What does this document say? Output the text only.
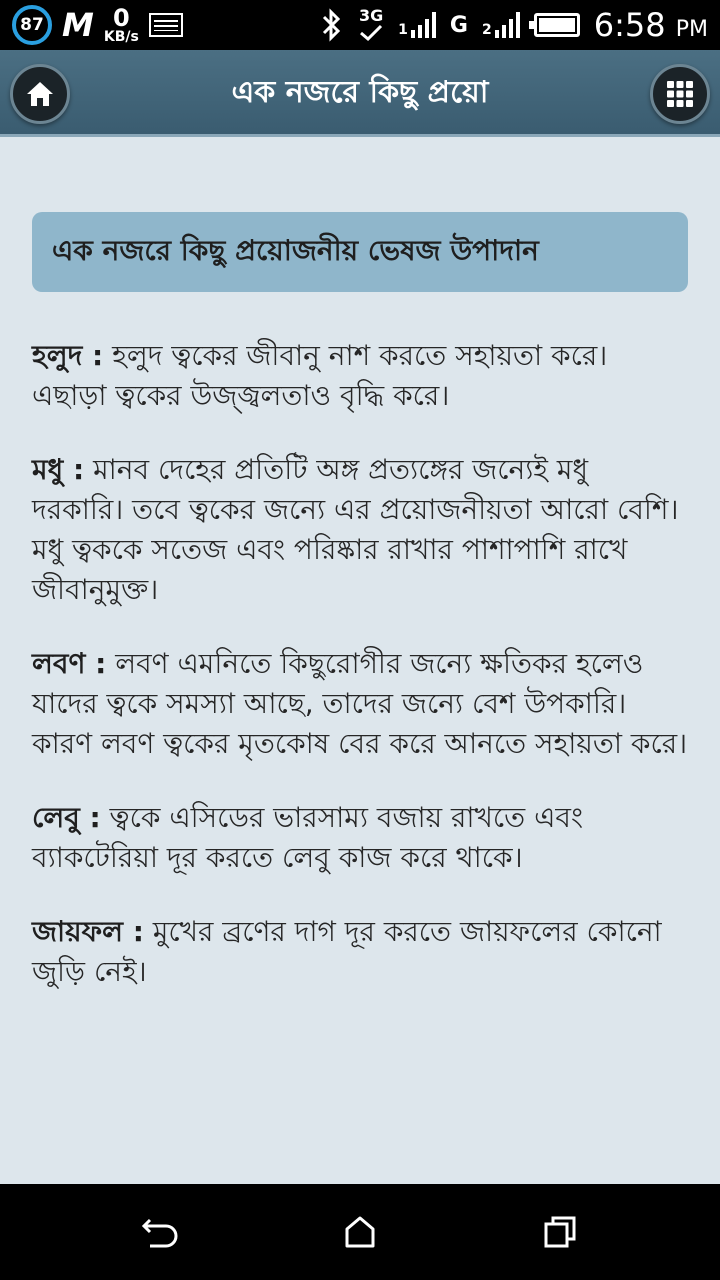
87 M 0
KB/s
3G
1 G 2	6:58 PM
এক নজরে কিছু প্রয়ো
এক নজরে কিছু প্রয়োজনীয় ভেষজ উপাদান

হলুদ : হলুদ ত্বকের জীবানু নাশ করতে সহায়তা করে। এছাড়া ত্বকের উজ্জ্বলতাও বৃদ্ধি করে।

মধু : মানব দেহের প্রতিটি অঙ্গ প্রত্যঙ্গের জন্যেই মধু দরকারি। তবে ত্বকের জন্যে এর প্রয়োজনীয়তা আরো বেশি। মধু ত্বককে সতেজ এবং পরিষ্কার রাখার পাশাপাশি রাখে জীবানুমুক্ত।

লবণ : লবণ এমনিতে কিছুরোগীর জন্যে ক্ষতিকর হলেও যাদের ত্বকে সমস্যা আছে, তাদের জন্যে বেশ উপকারি। কারণ লবণ ত্বকের মৃতকোষ বের করে আনতে সহায়তা করে।

লেবু : ত্বকে এসিডের ভারসাম্য বজায় রাখতে এবং ব্যাকটেরিয়া দূর করতে লেবু কাজ করে থাকে।

জায়ফল : মুখের ব্রণের দাগ দূর করতে জায়ফলের কোনো জুড়ি নেই।
